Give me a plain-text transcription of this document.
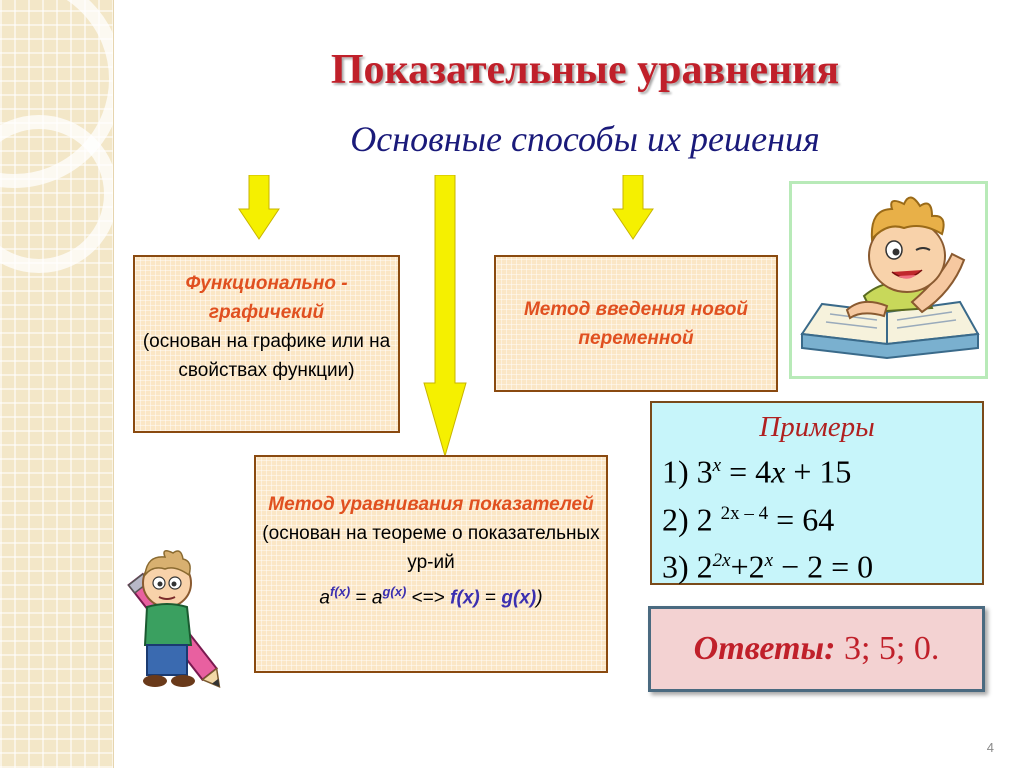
Показательные уравнения
Основные способы их решения
Функционально - графичекий
(основан на графике или на свойствах функции)
Метод введения новой переменной
Метод уравнивания показателей
(основан на теореме о показательных ур-ий
$a^{f(x)} = a^{g(x)}$ <=> f(x) = g(x))
Примеры
1) $3^x = 4x + 15$
2) 2 $^{2x - 4}$ = 64
3) $2^{2x}+2^x - 2 = 0$
Ответы: 3; 5; 0.
4
